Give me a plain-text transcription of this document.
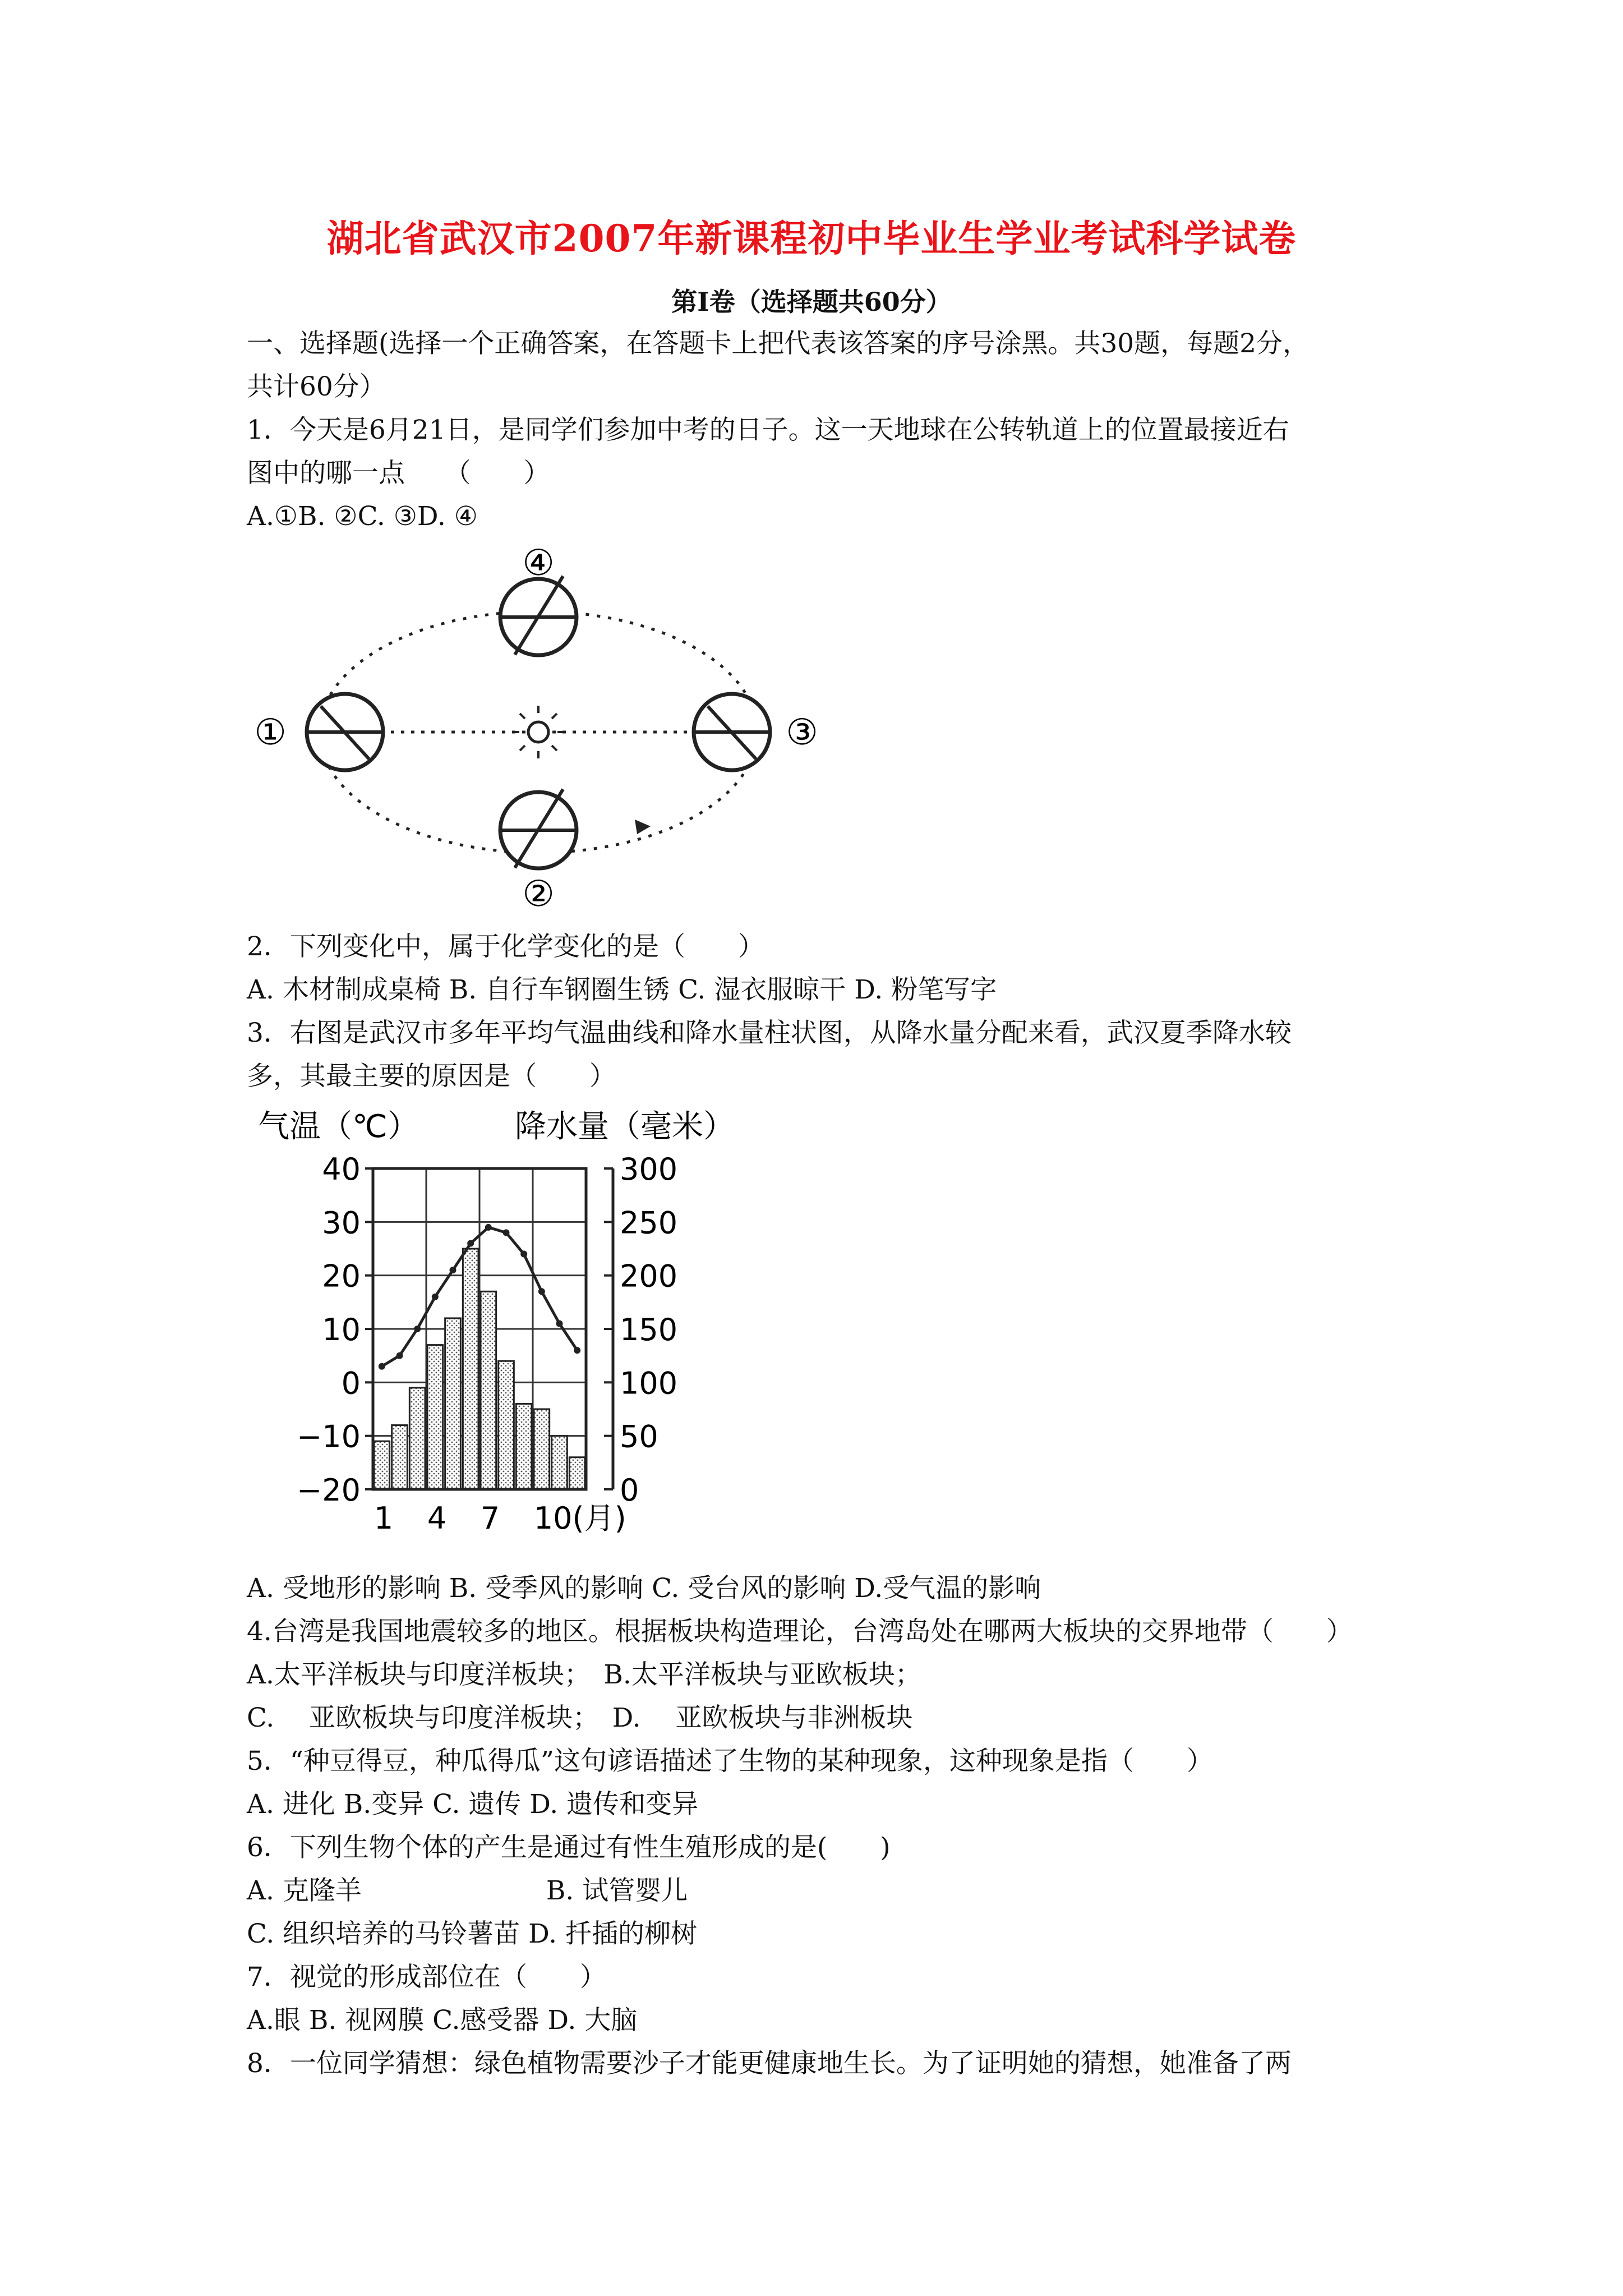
湖北省武汉市2007年新课程初中毕业生学业考试科学试卷
第Ⅰ卷（选择题共60分）
一、选择题(选择一个正确答案，在答题卡上把代表该答案的序号涂黑。共30题，每题2分，
共计60分）
1．今天是6月21日，是同学们参加中考的日子。这一天地球在公转轨道上的位置最接近右
图中的哪一点　　（　　）
A.①B. ②C. ③D. ④
④
①	③
②
2．下列变化中，属于化学变化的是（　　）
A. 木材制成桌椅 B. 自行车钢圈生锈 C. 湿衣服晾干 D. 粉笔写字
3．右图是武汉市多年平均气温曲线和降水量柱状图，从降水量分配来看，武汉夏季降水较
多，其最主要的原因是（　　）
气温（℃）	降水量（毫米）
40
30
20
10
0
−10
−20
300
250
200
150
100
50
0
1 4 7 10(月)
A. 受地形的影响 B. 受季风的影响 C. 受台风的影响 D.受气温的影响
4.台湾是我国地震较多的地区。根据板块构造理论，台湾岛处在哪两大板块的交界地带（　　）
A.太平洋板块与印度洋板块；　B.太平洋板块与亚欧板块；
C.　 亚欧板块与印度洋板块；　D.　 亚欧板块与非洲板块
5．“种豆得豆，种瓜得瓜”这句谚语描述了生物的某种现象，这种现象是指（　　）
A. 进化 B.变异 C. 遗传 D. 遗传和变异
6．下列生物个体的产生是通过有性生殖形成的是(　　)
A. 克隆羊　　　　　　　B. 试管婴儿
C. 组织培养的马铃薯苗 D. 扦插的柳树
7．视觉的形成部位在（　　）
A.眼 B. 视网膜 C.感受器 D. 大脑
8．一位同学猜想：绿色植物需要沙子才能更健康地生长。为了证明她的猜想，她准备了两
